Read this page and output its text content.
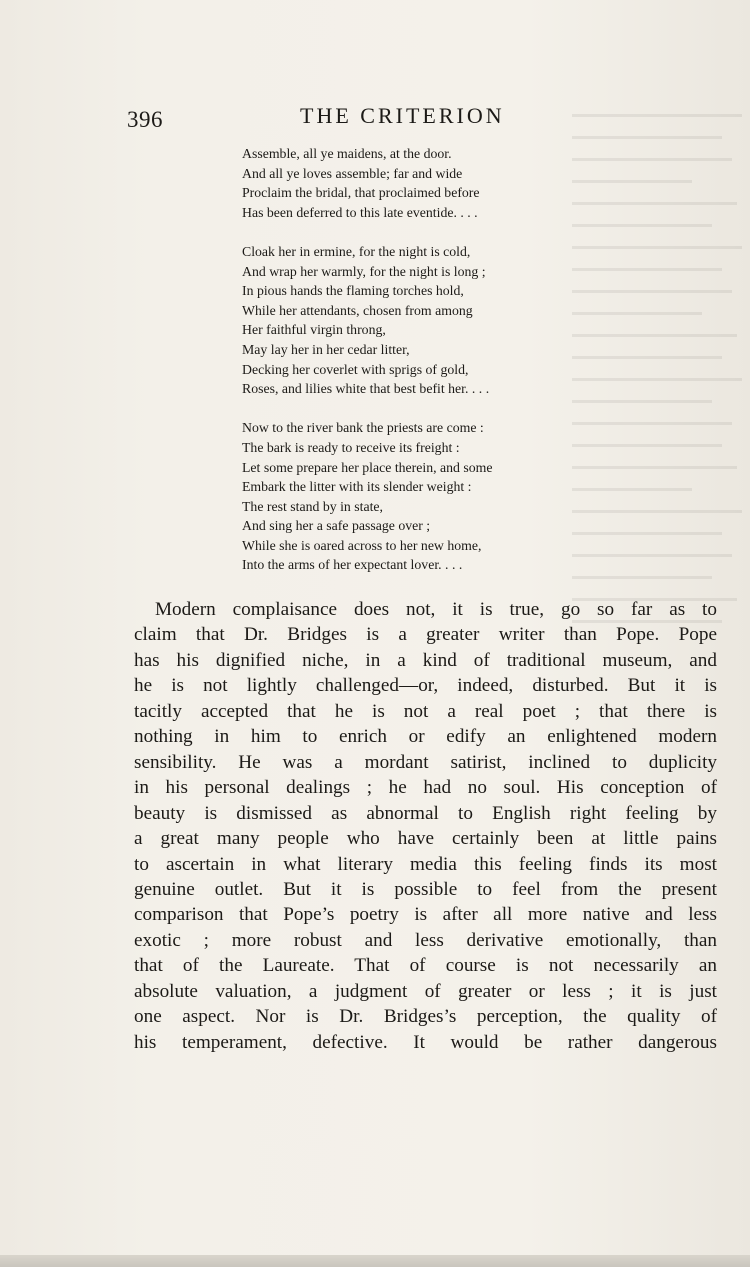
396	THE CRITERION
Assemble, all ye maidens, at the door.
And all ye loves assemble; far and wide
Proclaim the bridal, that proclaimed before
Has been deferred to this late eventide. . . .
Cloak her in ermine, for the night is cold,
And wrap her warmly, for the night is long ;
In pious hands the flaming torches hold,
While her attendants, chosen from among
Her faithful virgin throng,
May lay her in her cedar litter,
Decking her coverlet with sprigs of gold,
Roses, and lilies white that best befit her. . . .
Now to the river bank the priests are come :
The bark is ready to receive its freight :
Let some prepare her place therein, and some
Embark the litter with its slender weight :
The rest stand by in state,
And sing her a safe passage over ;
While she is oared across to her new home,
Into the arms of her expectant lover. . . .
Modern complaisance does not, it is true, go so far as to
claim that Dr. Bridges is a greater writer than Pope. Pope
has his dignified niche, in a kind of traditional museum, and
he is not lightly challenged—or, indeed, disturbed. But it is
tacitly accepted that he is not a real poet ; that there is
nothing in him to enrich or edify an enlightened modern
sensibility. He was a mordant satirist, inclined to duplicity
in his personal dealings ; he had no soul. His conception of
beauty is dismissed as abnormal to English right feeling by
a great many people who have certainly been at little pains
to ascertain in what literary media this feeling finds its most
genuine outlet. But it is possible to feel from the present
comparison that Pope’s poetry is after all more native and less
exotic ; more robust and less derivative emotionally, than
that of the Laureate. That of course is not necessarily an
absolute valuation, a judgment of greater or less ; it is just
one aspect. Nor is Dr. Bridges’s perception, the quality of
his temperament, defective. It would be rather dangerous
